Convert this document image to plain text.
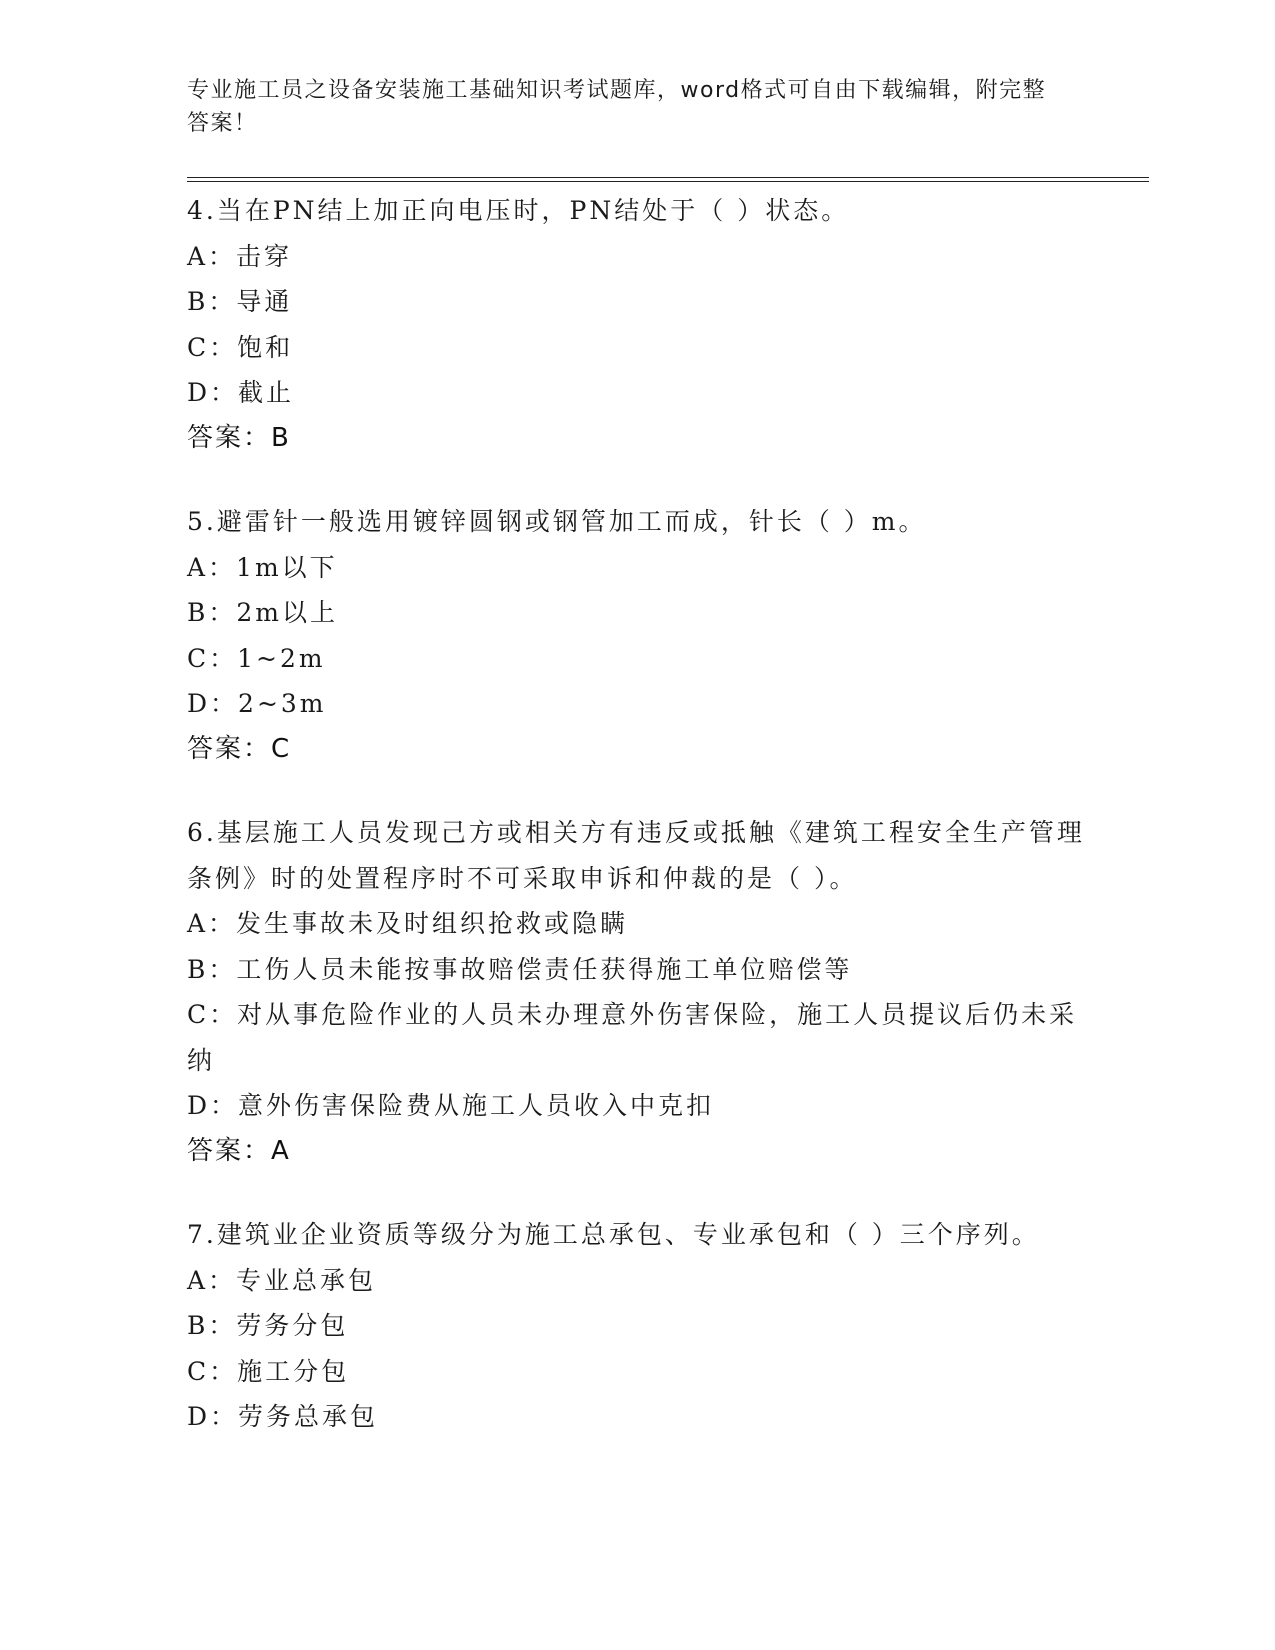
专业施工员之设备安装施工基础知识考试题库，word格式可自由下载编辑，附完整答案！
4.当在PN结上加正向电压时，PN结处于（ ）状态。
A：击穿
B：导通
C：饱和
D：截止
答案：B
5.避雷针一般选用镀锌圆钢或钢管加工而成，针长（ ）m。
A：1m以下
B：2m以上
C：1~2m
D：2~3m
答案：C
6.基层施工人员发现己方或相关方有违反或抵触《建筑工程安全生产管理条例》时的处置程序时不可采取申诉和仲裁的是（ ）。
A：发生事故未及时组织抢救或隐瞒
B：工伤人员未能按事故赔偿责任获得施工单位赔偿等
C：对从事危险作业的人员未办理意外伤害保险，施工人员提议后仍未采纳
D：意外伤害保险费从施工人员收入中克扣
答案：A
7.建筑业企业资质等级分为施工总承包、专业承包和（ ）三个序列。
A：专业总承包
B：劳务分包
C：施工分包
D：劳务总承包
